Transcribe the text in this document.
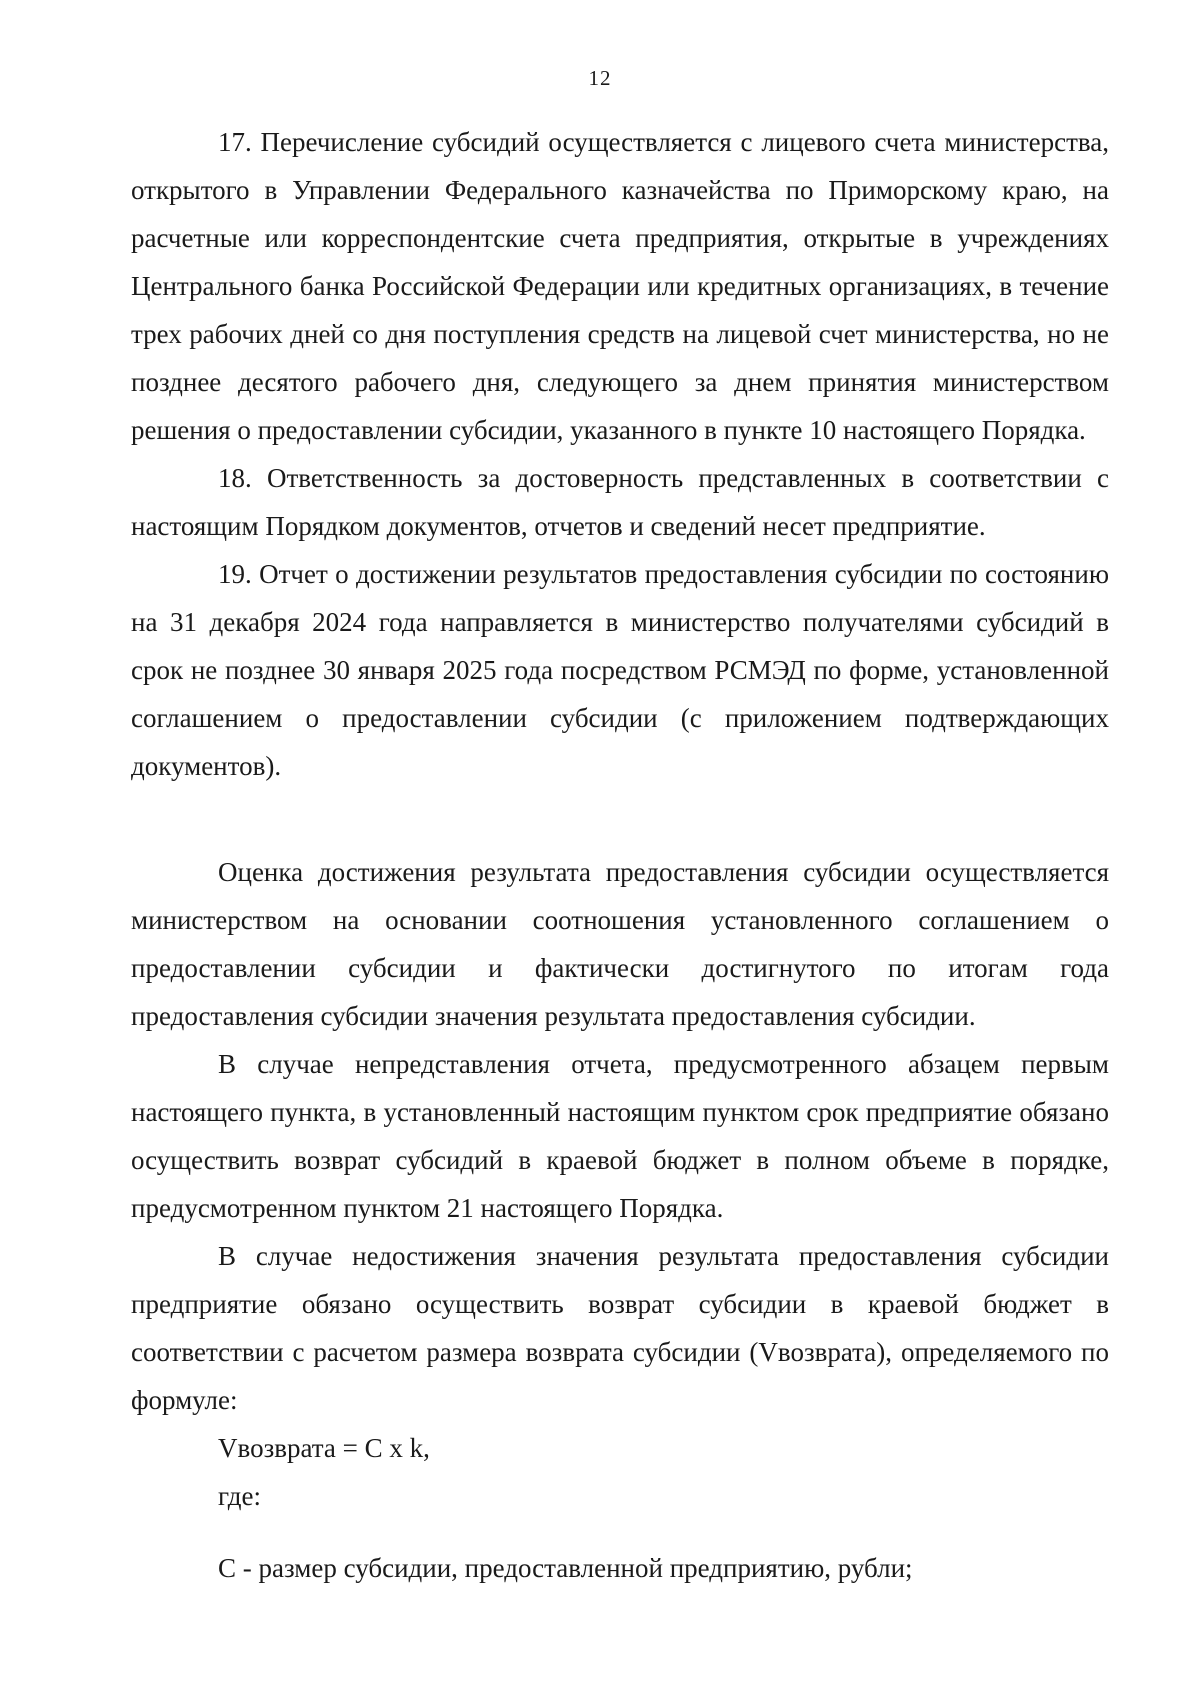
12

17. Перечисление субсидий осуществляется с лицевого счета министерства, открытого в Управлении Федерального казначейства по Приморскому краю, на расчетные или корреспондентские счета предприятия, открытые в учреждениях Центрального банка Российской Федерации или кредитных организациях, в течение трех рабочих дней со дня поступления средств на лицевой счет министерства, но не позднее десятого рабочего дня, следующего за днем принятия министерством решения о предоставлении субсидии, указанного в пункте 10 настоящего Порядка.

18. Ответственность за достоверность представленных в соответствии с настоящим Порядком документов, отчетов и сведений несет предприятие.

19. Отчет о достижении результатов предоставления субсидии по состоянию на 31 декабря 2024 года направляется в министерство получателями субсидий в срок не позднее 30 января 2025 года посредством РСМЭД по форме, установленной соглашением о предоставлении субсидии (с приложением подтверждающих документов).

Оценка достижения результата предоставления субсидии осуществляется министерством на основании соотношения установленного соглашением о предоставлении субсидии и фактически достигнутого по итогам года предоставления субсидии значения результата предоставления субсидии.

В случае непредставления отчета, предусмотренного абзацем первым настоящего пункта, в установленный настоящим пунктом срок предприятие обязано осуществить возврат субсидий в краевой бюджет в полном объеме в порядке, предусмотренном пунктом 21 настоящего Порядка.

В случае недостижения значения результата предоставления субсидии предприятие обязано осуществить возврат субсидии в краевой бюджет в соответствии с расчетом размера возврата субсидии (Vвозврата), определяемого по формуле:

Vвозврата = C x k,

где:

C - размер субсидии, предоставленной предприятию, рубли;
